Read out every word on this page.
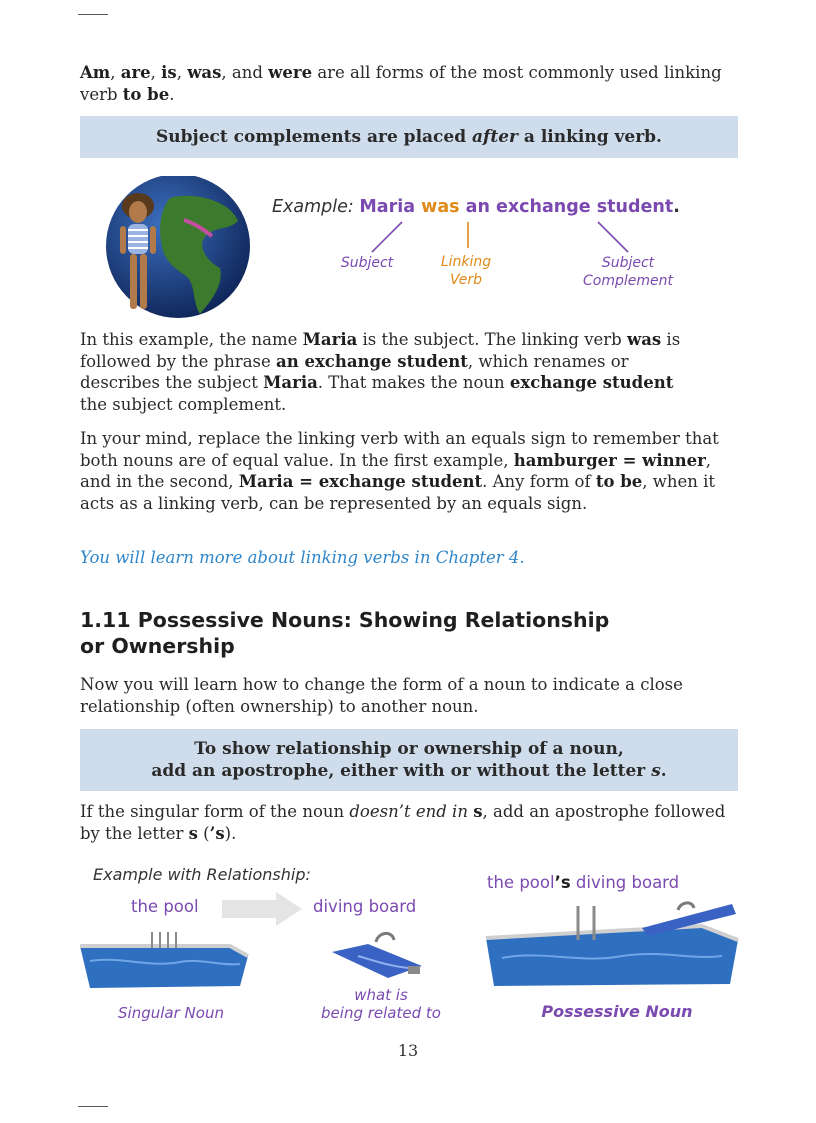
Am, are, is, was, and were are all forms of the most commonly used linking verb to be.

Subject complements are placed after a linking verb.
Example: Maria was an exchange student.
Subject	Linking
Verb
Subject
Complement

In this example, the name Maria is the subject. The linking verb was is followed by the phrase an exchange student, which renames or describes the subject Maria. That makes the noun exchange student the subject complement.

In your mind, replace the linking verb with an equals sign to remember that both nouns are of equal value. In the first example, hamburger = winner, and in the second, Maria = exchange student. Any form of to be, when it acts as a linking verb, can be represented by an equals sign.

You will learn more about linking verbs in Chapter 4.
1.11 Possessive Nouns: Showing Relationship
or Ownership

Now you will learn how to change the form of a noun to indicate a close relationship (often ownership) to another noun.

To show relationship or ownership of a noun,
add an apostrophe, either with or without the letter s.

If the singular form of the noun doesn’t end in s, add an apostrophe followed by the letter s (’s).

Example with Relationship:	the pool’s diving board
the pool	diving board
Singular Noun
what is
being related to	Possessive Noun
13
